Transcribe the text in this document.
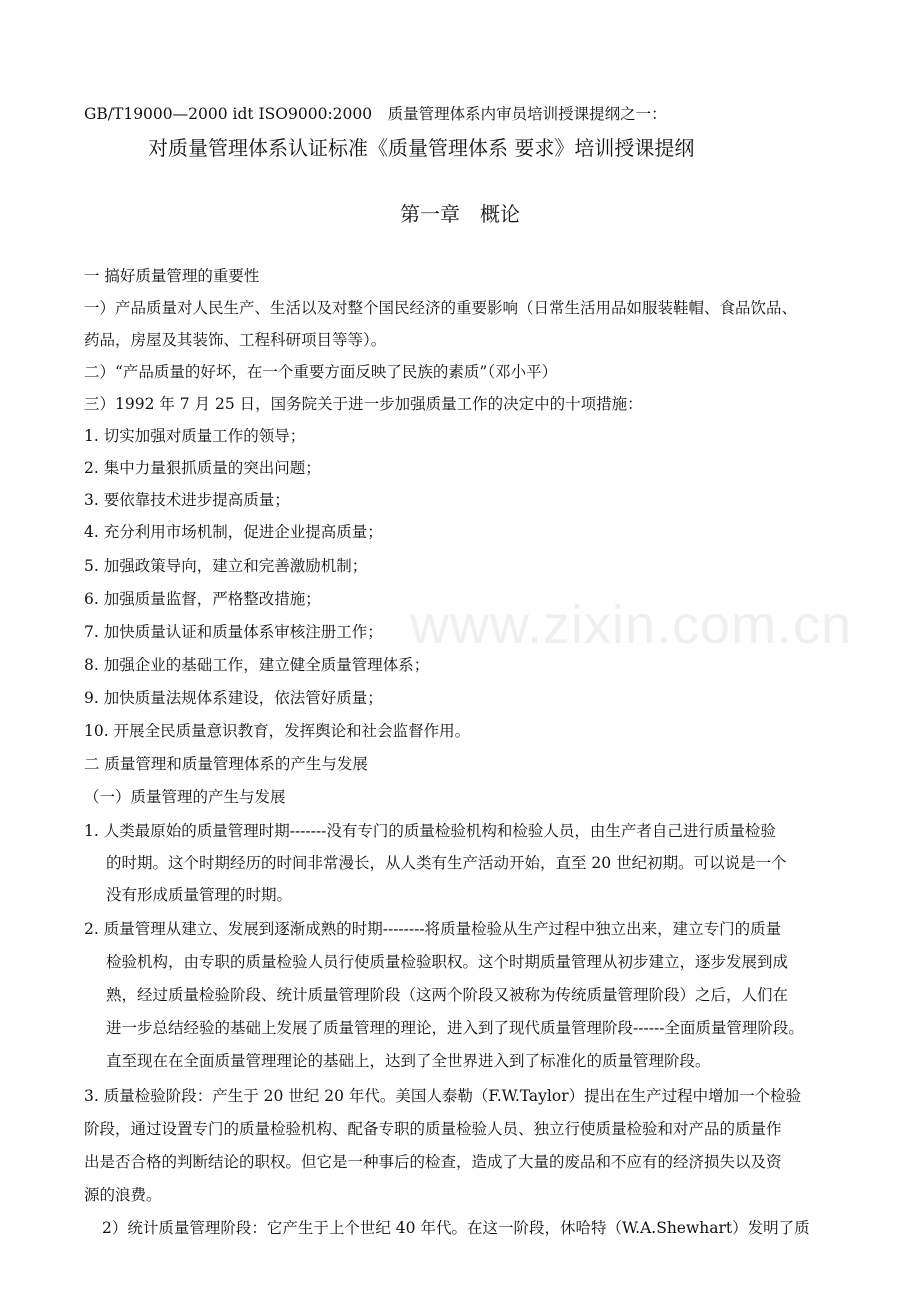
www.zixin.com.cn
GB/T19000—2000 idt ISO9000:2000　质量管理体系内审员培训授课提纲之一：
对质量管理体系认证标准《质量管理体系 要求》培训授课提纲
第一章　概论
一 搞好质量管理的重要性
一）产品质量对人民生产、生活以及对整个国民经济的重要影响（日常生活用品如服装鞋帽、食品饮品、
药品，房屋及其装饰、工程科研项目等等）。
二）“产品质量的好坏，在一个重要方面反映了民族的素质”（邓小平）
三）1992 年 7 月 25 日，国务院关于进一步加强质量工作的决定中的十项措施：
1. 切实加强对质量工作的领导；
2. 集中力量狠抓质量的突出问题；
3. 要依靠技术进步提高质量；
4. 充分利用市场机制，促进企业提高质量；
5. 加强政策导向，建立和完善激励机制；
6. 加强质量监督，严格整改措施；
7. 加快质量认证和质量体系审核注册工作；
8. 加强企业的基础工作，建立健全质量管理体系；
9. 加快质量法规体系建设，依法管好质量；
10. 开展全民质量意识教育，发挥舆论和社会监督作用。
二 质量管理和质量管理体系的产生与发展
（一）质量管理的产生与发展
1. 人类最原始的质量管理时期-------没有专门的质量检验机构和检验人员，由生产者自己进行质量检验
的时期。这个时期经历的时间非常漫长，从人类有生产活动开始，直至 20 世纪初期。可以说是一个
没有形成质量管理的时期。
2. 质量管理从建立、发展到逐渐成熟的时期--------将质量检验从生产过程中独立出来，建立专门的质量
检验机构，由专职的质量检验人员行使质量检验职权。这个时期质量管理从初步建立，逐步发展到成
熟，经过质量检验阶段、统计质量管理阶段（这两个阶段又被称为传统质量管理阶段）之后，人们在
进一步总结经验的基础上发展了质量管理的理论，进入到了现代质量管理阶段------全面质量管理阶段。
直至现在在全面质量管理理论的基础上，达到了全世界进入到了标准化的质量管理阶段。
3. 质量检验阶段：产生于 20 世纪 20 年代。美国人泰勒（F.W.Taylor）提出在生产过程中增加一个检验
阶段，通过设置专门的质量检验机构、配备专职的质量检验人员、独立行使质量检验和对产品的质量作
出是否合格的判断结论的职权。但它是一种事后的检查，造成了大量的废品和不应有的经济损失以及资
源的浪费。
2）统计质量管理阶段：它产生于上个世纪 40 年代。在这一阶段，休哈特（W.A.Shewhart）发明了质
